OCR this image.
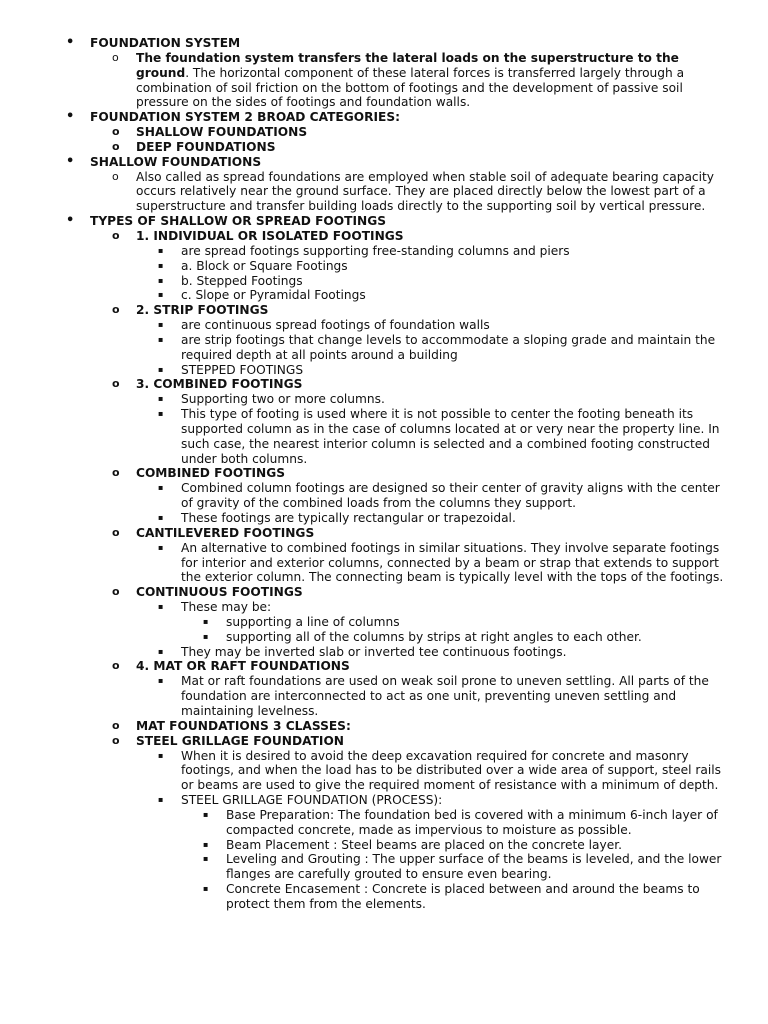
• FOUNDATION SYSTEM
o The foundation system transfers the lateral loads on the superstructure to the ground. The horizontal component of these lateral forces is transferred largely through a combination of soil friction on the bottom of footings and the development of passive soil pressure on the sides of footings and foundation walls.
• FOUNDATION SYSTEM 2 BROAD CATEGORIES:
o SHALLOW FOUNDATIONS
o DEEP FOUNDATIONS
• SHALLOW FOUNDATIONS
o Also called as spread foundations are employed when stable soil of adequate bearing capacity occurs relatively near the ground surface. They are placed directly below the lowest part of a superstructure and transfer building loads directly to the supporting soil by vertical pressure.
• TYPES OF SHALLOW OR SPREAD FOOTINGS
o 1. INDIVIDUAL OR ISOLATED FOOTINGS
▪ are spread footings supporting free-standing columns and piers
▪ a. Block or Square Footings
▪ b. Stepped Footings
▪ c. Slope or Pyramidal Footings
o 2. STRIP FOOTINGS
▪ are continuous spread footings of foundation walls
▪ are strip footings that change levels to accommodate a sloping grade and maintain the required depth at all points around a building
▪ STEPPED FOOTINGS
o 3. COMBINED FOOTINGS
▪ Supporting two or more columns.
▪ This type of footing is used where it is not possible to center the footing beneath its supported column as in the case of columns located at or very near the property line. In such case, the nearest interior column is selected and a combined footing constructed under both columns.
o COMBINED FOOTINGS
▪ Combined column footings are designed so their center of gravity aligns with the center of gravity of the combined loads from the columns they support.
▪ These footings are typically rectangular or trapezoidal.
o CANTILEVERED FOOTINGS
▪ An alternative to combined footings in similar situations. They involve separate footings for interior and exterior columns, connected by a beam or strap that extends to support the exterior column. The connecting beam is typically level with the tops of the footings.
o CONTINUOUS FOOTINGS
▪ These may be:
▪ supporting a line of columns
▪ supporting all of the columns by strips at right angles to each other.
▪ They may be inverted slab or inverted tee continuous footings.
o 4. MAT OR RAFT FOUNDATIONS
▪ Mat or raft foundations are used on weak soil prone to uneven settling. All parts of the foundation are interconnected to act as one unit, preventing uneven settling and maintaining levelness.
o MAT FOUNDATIONS 3 CLASSES:
o STEEL GRILLAGE FOUNDATION
▪ When it is desired to avoid the deep excavation required for concrete and masonry footings, and when the load has to be distributed over a wide area of support, steel rails or beams are used to give the required moment of resistance with a minimum of depth.
▪ STEEL GRILLAGE FOUNDATION (PROCESS):
▪ Base Preparation: The foundation bed is covered with a minimum 6-inch layer of compacted concrete, made as impervious to moisture as possible.
▪ Beam Placement : Steel beams are placed on the concrete layer.
▪ Leveling and Grouting : The upper surface of the beams is leveled, and the lower flanges are carefully grouted to ensure even bearing.
▪ Concrete Encasement : Concrete is placed between and around the beams to protect them from the elements.
